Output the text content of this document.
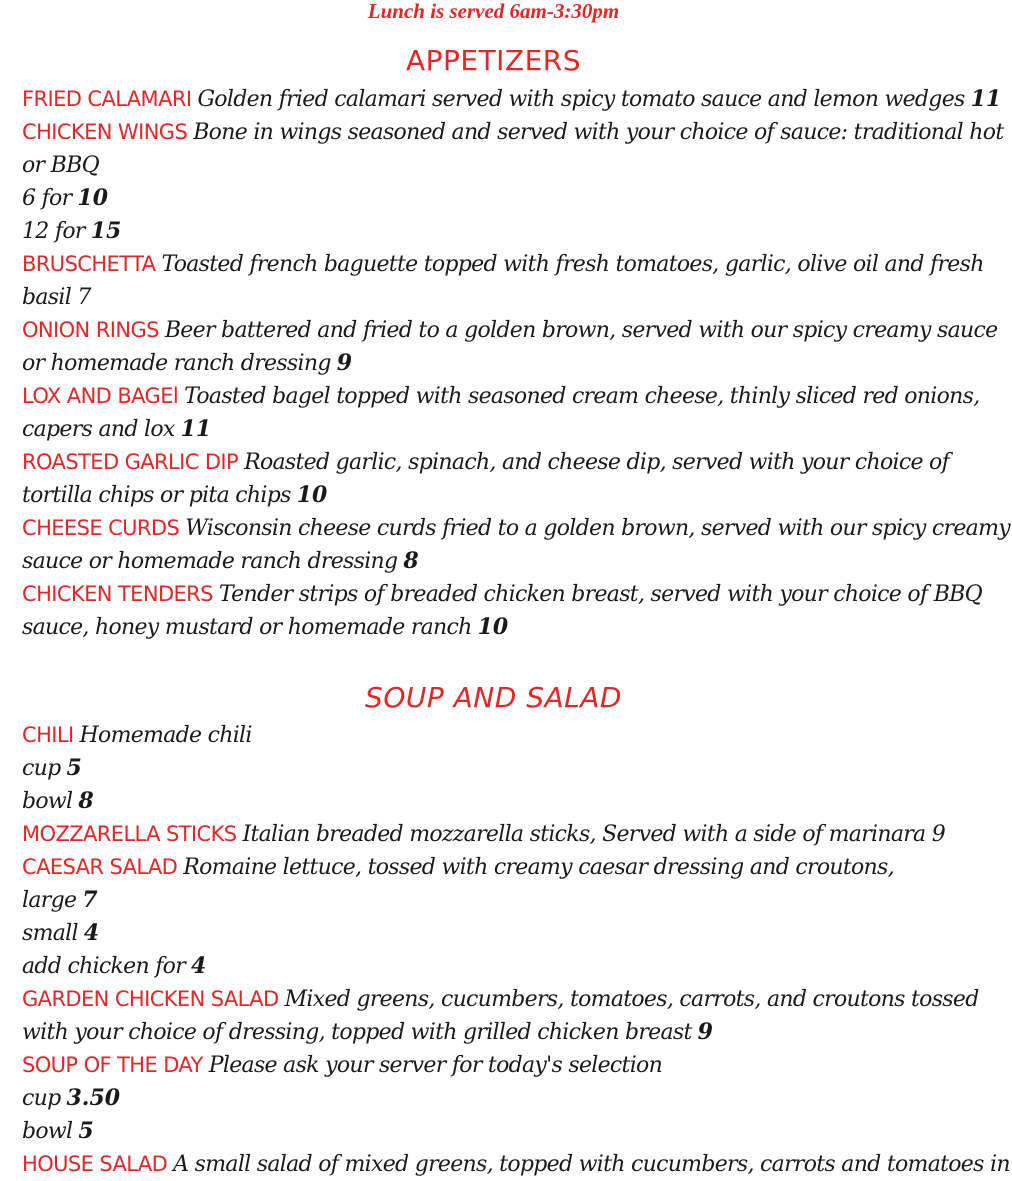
Lunch is served 6am-3:30pm
APPETIZERS
FRIED CALAMARI Golden fried calamari served with spicy tomato sauce and lemon wedges 11
CHICKEN WINGS Bone in wings seasoned and served with your choice of sauce: traditional hot
or BBQ
6 for 10
12 for 15
BRUSCHETTA Toasted french baguette topped with fresh tomatoes, garlic, olive oil and fresh
basil 7
ONION RINGS Beer battered and fried to a golden brown, served with our spicy creamy sauce
or homemade ranch dressing 9
LOX AND BAGEl Toasted bagel topped with seasoned cream cheese, thinly sliced red onions,
capers and lox 11
ROASTED GARLIC DIP Roasted garlic, spinach, and cheese dip, served with your choice of
tortilla chips or pita chips 10
CHEESE CURDS Wisconsin cheese curds fried to a golden brown, served with our spicy creamy
sauce or homemade ranch dressing 8
CHICKEN TENDERS Tender strips of breaded chicken breast, served with your choice of BBQ
sauce, honey mustard or homemade ranch 10
SOUP AND SALAD
CHILI Homemade chili
cup 5
bowl 8
MOZZARELLA STICKS Italian breaded mozzarella sticks, Served with a side of marinara 9
CAESAR SALAD Romaine lettuce, tossed with creamy caesar dressing and croutons,
large 7
small 4
add chicken for 4
GARDEN CHICKEN SALAD Mixed greens, cucumbers, tomatoes, carrots, and croutons tossed
with your choice of dressing, topped with grilled chicken breast 9
SOUP OF THE DAY Please ask your server for today's selection
cup 3.50
bowl 5
HOUSE SALAD A small salad of mixed greens, topped with cucumbers, carrots and tomatoes in
